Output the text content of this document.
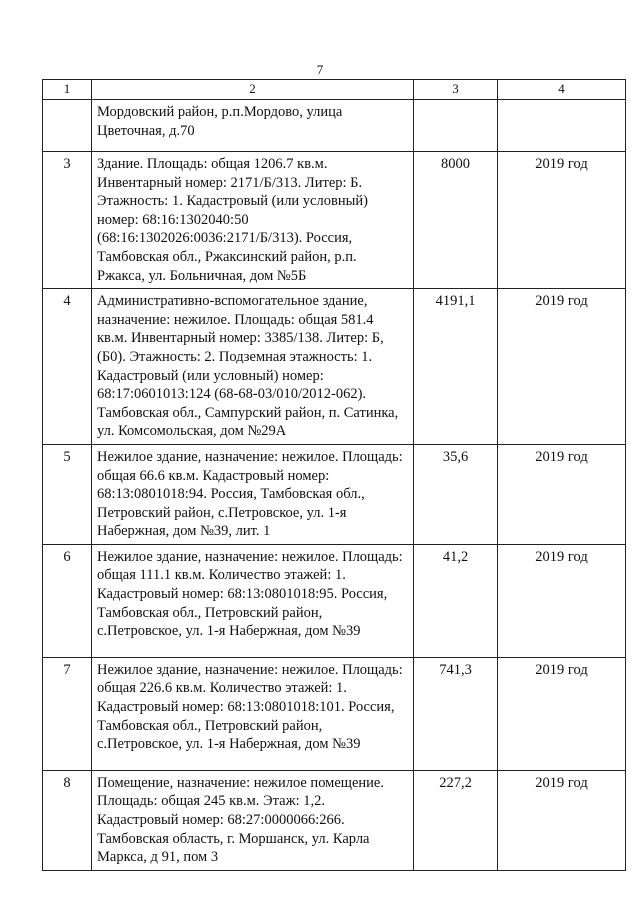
7
1	2	3	4
	Мордовский район, р.п.Мордово, улица Цветочная, д.70		
3	Здание. Площадь: общая 1206.7 кв.м. Инвентарный номер: 2171/Б/313. Литер: Б. Этажность: 1. Кадастровый (или условный) номер: 68:16:1302040:50 (68:16:1302026:0036:2171/Б/313). Россия, Тамбовская обл., Ржаксинский район, р.п. Ржакса, ул. Больничная, дом №5Б	8000	2019 год
4	Административно-вспомогательное здание, назначение: нежилое. Площадь: общая 581.4 кв.м. Инвентарный номер: 3385/138. Литер: Б,(Б0). Этажность: 2. Подземная этажность: 1. Кадастровый (или условный) номер: 68:17:0601013:124 (68-68-03/010/2012-062). Тамбовская обл., Сампурский район, п. Сатинка, ул. Комсомольская, дом №29А	4191,1	2019 год
5	Нежилое здание, назначение: нежилое. Площадь: общая 66.6 кв.м. Кадастровый номер: 68:13:0801018:94. Россия, Тамбовская обл., Петровский район, с.Петровское, ул. 1-я Набержная, дом №39, лит. 1	35,6	2019 год
6	Нежилое здание, назначение: нежилое. Площадь: общая 111.1 кв.м. Количество этажей: 1. Кадастровый номер: 68:13:0801018:95. Россия, Тамбовская обл., Петровский район, с.Петровское, ул. 1-я Набержная, дом №39	41,2	2019 год
7	Нежилое здание, назначение: нежилое. Площадь: общая 226.6 кв.м. Количество этажей: 1. Кадастровый номер: 68:13:0801018:101. Россия, Тамбовская обл., Петровский район, с.Петровское, ул. 1-я Набержная, дом №39	741,3	2019 год
8	Помещение, назначение: нежилое помещение. Площадь: общая 245 кв.м. Этаж: 1,2. Кадастровый номер: 68:27:0000066:266. Тамбовская область, г. Моршанск, ул. Карла Маркса, д 91, пом 3	227,2	2019 год
